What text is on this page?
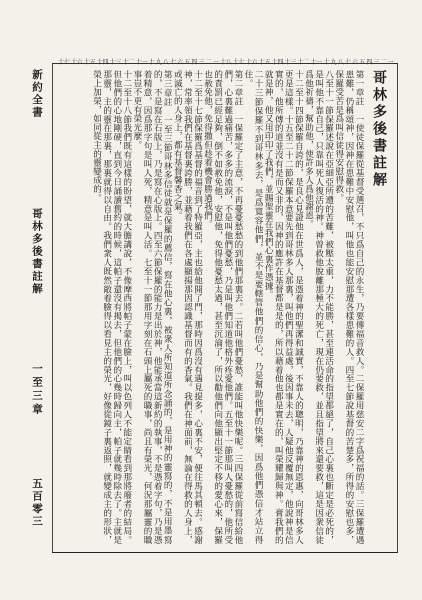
十七 十六 十五 十四 十三 十二 十一 十 九 八 七 六 五 四 三 二 一 十八 十七 十六 十五 十四 十三 十二 十一 十 九 八 七 六 五 四 三 二 一
新約全書
哥林多後書註解
一至三章
五百零三
哥林多後書註解
第一章註　一使徒保羅從基督受選召，不只爲自己的永生，乃要傳福音救人。二保羅用慈安二字爲祝福的話。三保羅遭遇患難，仍稱頌神，因神在患難中安慰他，叫他也能安慰那遭各樣患難的人。四至七節說基督的苦楚多，所得的安慰也多，保羅受苦是爲叫信徒得安慰得救。
八至十一節保羅述說在亞細亞所遭的苦難，被壓太重，力不能勝，甚至連活命的指望都絕了，自己心裏也斷定是必死的，是叫他不靠自己，只靠叫死人復活的神。神曾救他脫離那極大的死亡，現在仍要救，並且指望將來還要救，這是因衆信徒爲他祈禱，幫助他，使許多人爲他謝恩。
十二至十四節保羅自誇的，是良心見證他在世爲人，是憑着神的聖潔和誠實，不靠人的聰明，乃靠神的恩惠，向哥林多人更是這樣。十五至二十二節保羅本意要先到哥林多人那裏，叫他們再得益處，後因事未去，人疑他反覆無定，他說神是信實的，他所傳的道並沒有是而又非的，因神的應許在基督都是是的，所以藉着他也都是實在的，叫榮耀歸與神。膏我們的就是神，他又用印印了我們，並賜聖靈在我們心裏作憑據。
二十三節保羅不到哥林多去，是爲寬容他們，並不是要轄管他們的信心，乃是幫助他們的快樂，因爲他們憑信才站立得住。
第二章註　一保羅定了主意，不再憂憂愁愁的到他們那裏去。二若叫他們憂愁，誰能叫他快樂呢。三四保羅從前寫信給他們，心裏難過痛苦，多多的流淚，不是叫他們憂愁，乃是叫他們知道他格外疼愛他們。五至十一節那叫人憂愁的，他所受的責罰已經足夠，倒不如赦免他，安慰他，免得他憂愁太過，甚至沉淪了，所以勸他們向他顯出堅定不移的愛心來，保羅也赦免他，免得撒但趁着機會勝過我們。
十二至十七節保羅爲基督的福音到了特羅亞，主也給他開了門，那時因爲沒有遇見提多，心裏不安，便往馬其頓去。感謝神，常率領我們在基督裏誇勝，並藉着我們在各處顯揚那因認識基督而有的香氣。我們在神面前，無論在得救的人身上，或滅亡的人身上，都有基督馨香之氣。
第三章註　一至三節哥林多信徒就是保羅的薦信，寫在他心裏，被衆人所知道所念誦的，是用神的靈寫的，不是用墨寫的，不是寫在石版上，乃是寫在心版上。四至六節保羅的能力是出於神，他能承當這新約的執事，不是憑着字句，乃是憑着精意，因爲那字句是叫人死，精意是叫人活。七至十一節那用字刻在石頭上屬死的職事，尚且有榮光，何況那屬靈的職事豈不更有榮光麼。
十二至十八節我們既有這樣的盼望，就大膽講說，不像摩西將帕子蒙在臉上，叫以色列人不能定睛看到那將廢者的結局。但他們的心地剛硬，直到今日誦讀舊約的時候，這帕子還沒有揭去，但他們的心幾時歸向主，帕子就幾時除去了。主就是那靈，主的靈在那裏，那裏就得以自由。我們衆人既然敞着臉得以看見主的榮光，好像從鏡子裏返照，就變成主的形狀，榮上加榮，如同從主的靈變成的。
